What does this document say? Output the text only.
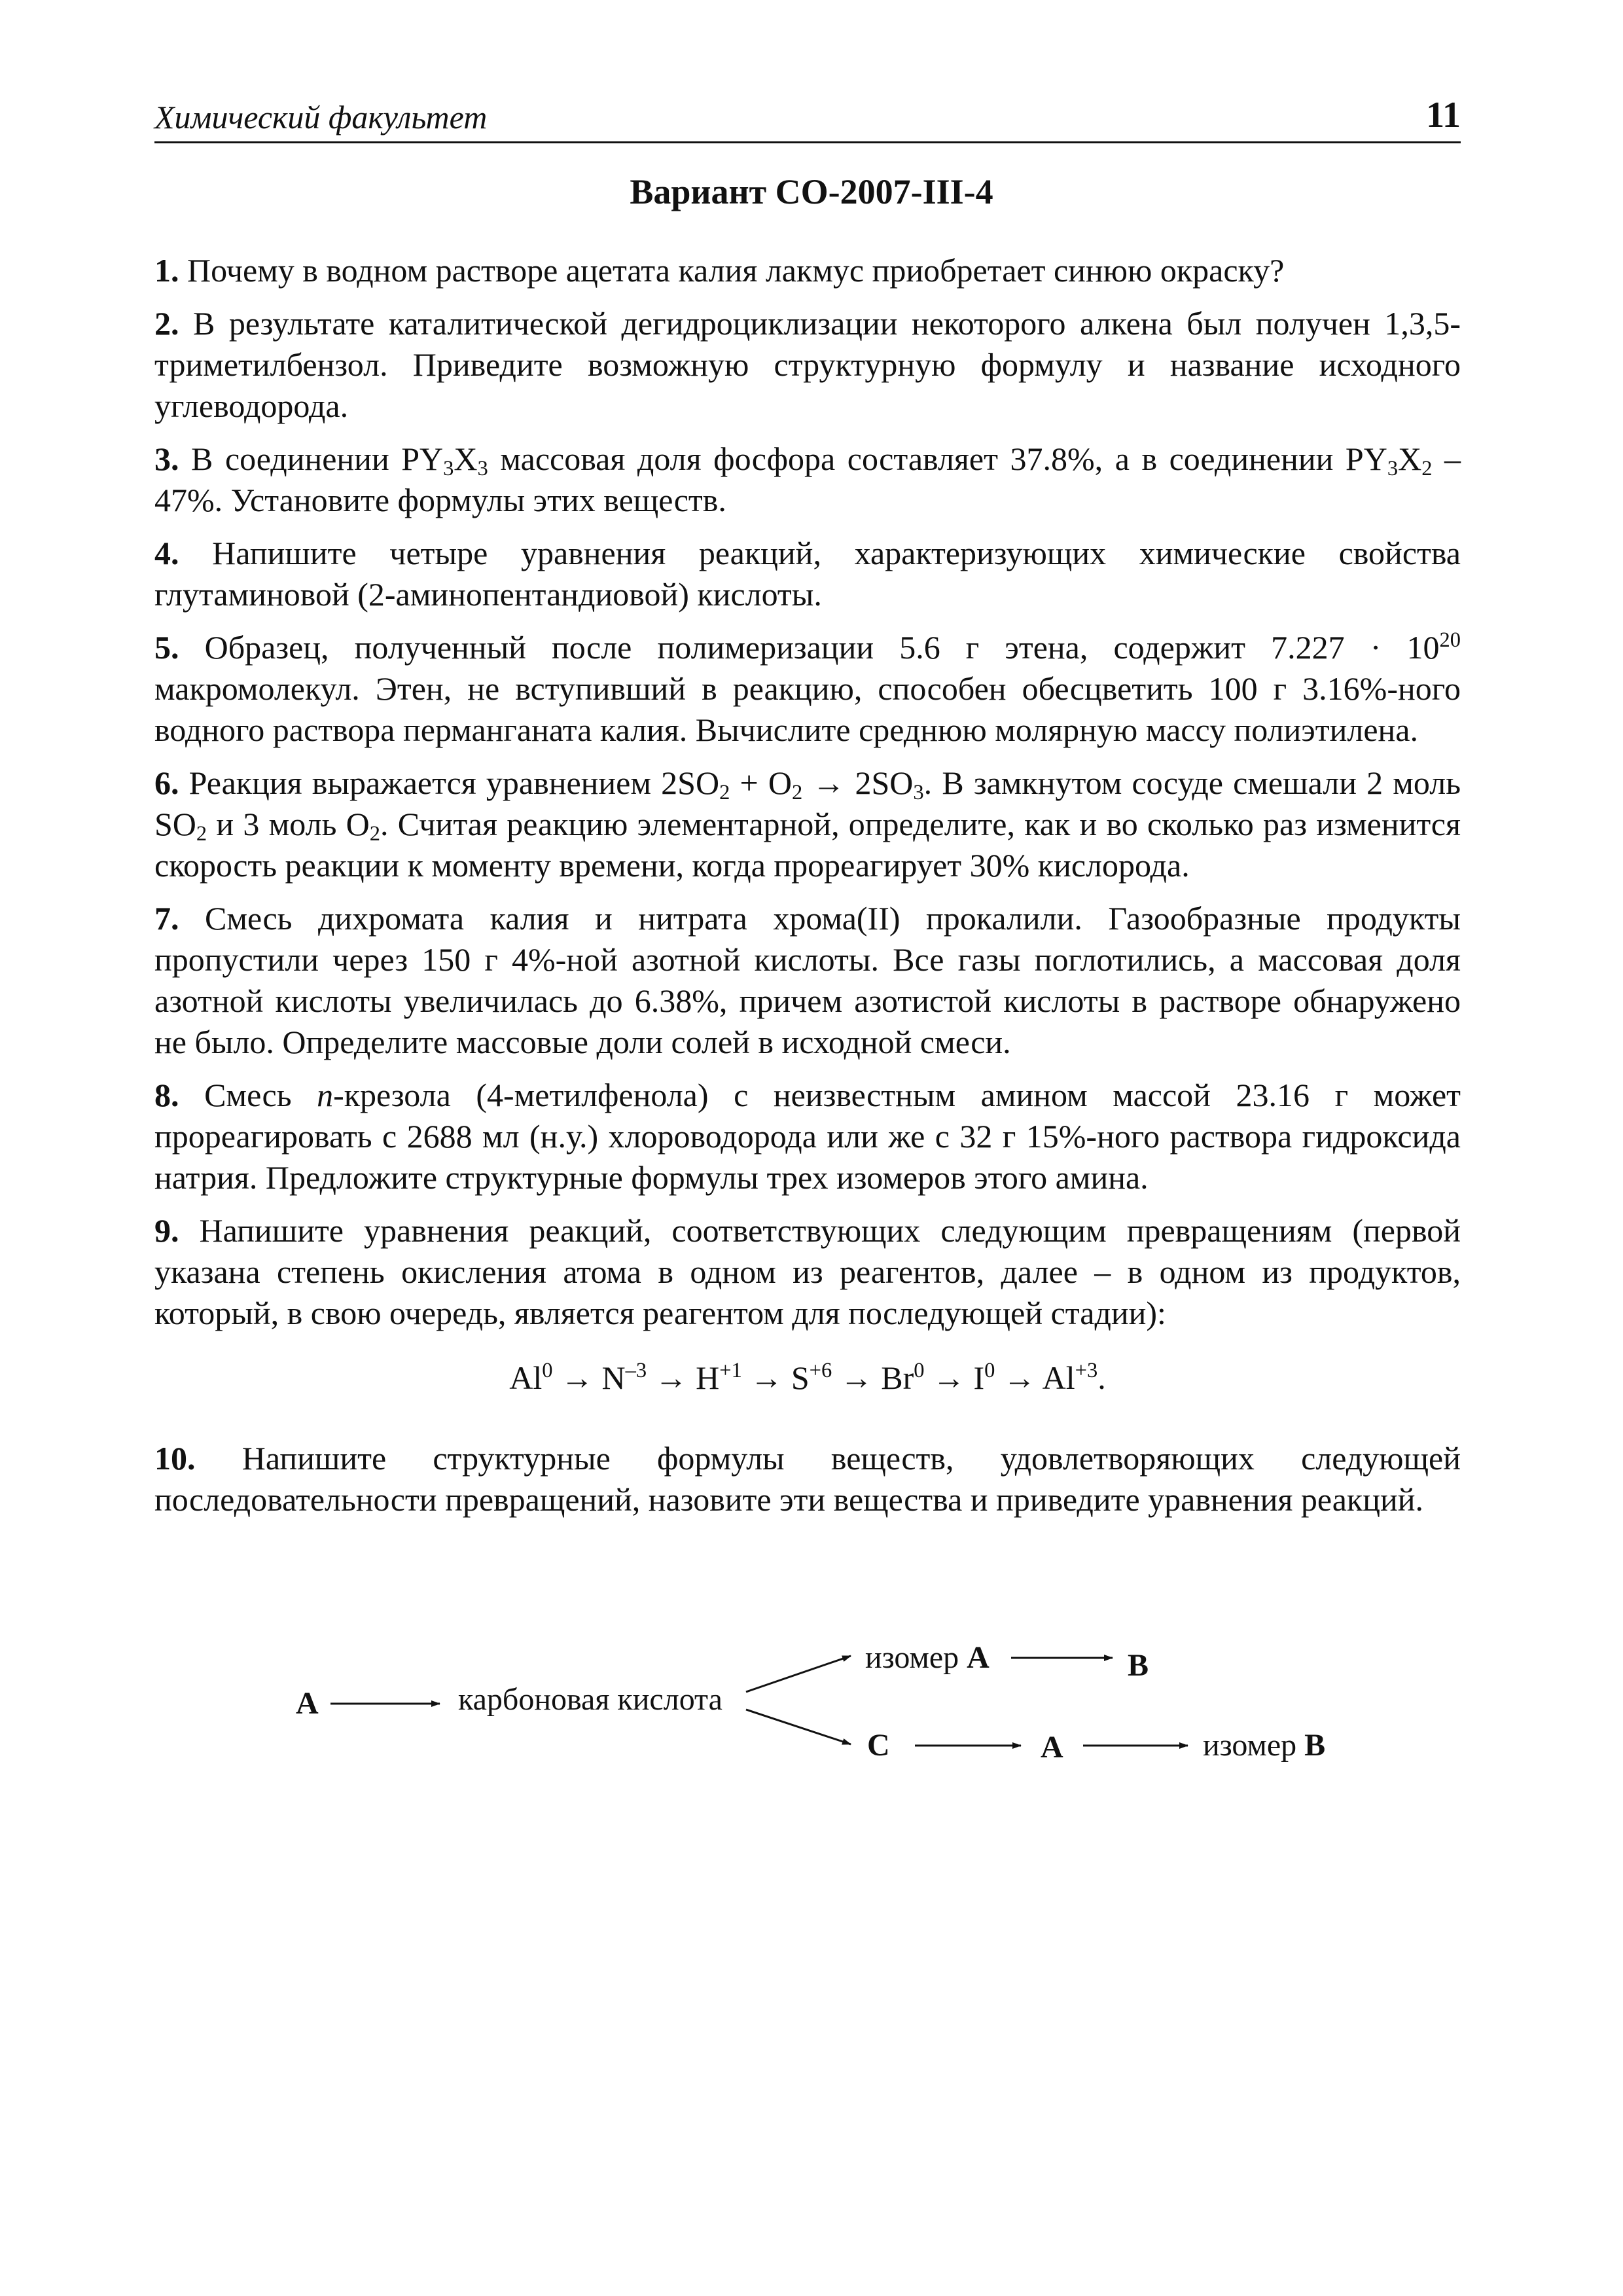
Химический факультет	11
Вариант СО-2007-III-4

1. Почему в водном растворе ацетата калия лакмус приобретает синюю окраску?

2. В результате каталитической дегидроциклизации некоторого алкена был получен 1,3,5-триметилбензол. Приведите возможную структурную формулу и название исходного углеводорода.

3. В соединении $PY_3X_3$ массовая доля фосфора составляет 37.8%, а в соединении $PY_3X_2 - 47\%$. Установите формулы этих веществ.

4. Напишите четыре уравнения реакций, характеризующих химические свойства глутаминовой (2-аминопентандиовой) кислоты.

5. Образец, полученный после полимеризации 5.6 г этена, содержит $7.227 \cdot 10^{20}$ макромолекул. Этен, не вступивший в реакцию, способен обесцветить 100 г 3.16%-ного водного раствора перманганата калия. Вычислите среднюю молярную массу полиэтилена.

6. Реакция выражается уравнением $2SO_2 + O_2 \to 2SO_3$. В замкнутом сосуде смешали 2 моль $SO_2$ и 3 моль $O_2$. Считая реакцию элементарной, определите, как и во сколько раз изменится скорость реакции к моменту времени, когда прореагирует 30% кислорода.

7. Смесь дихромата калия и нитрата хрома(II) прокалили. Газообразные продукты пропустили через 150 г 4%-ной азотной кислоты. Все газы поглотились, а массовая доля азотной кислоты увеличилась до 6.38%, причем азотистой кислоты в растворе обнаружено не было. Определите массовые доли солей в исходной смеси.

8. Смесь п-крезола (4-метилфенола) с неизвестным амином массой 23.16 г может прореагировать с 2688 мл (н.у.) хлороводорода или же с 32 г 15%-ного раствора гидроксида натрия. Предложите структурные формулы трех изомеров этого амина.

9. Напишите уравнения реакций, соответствующих следующим превращениям (первой указана степень окисления атома в одном из реагентов, далее – в одном из продуктов, который, в свою очередь, является реагентом для последующей стадии):

$Al^0 \to N^{-3} \to H^{+1} \to S^{+6} \to Br^0 \to I^0 \to Al^{+3}$.

10. Напишите структурные формулы веществ, удовлетворяющих следующей последовательности превращений, назовите эти вещества и приведите уравнения реакций.

A	карбоновая кислота
изомер A	B
C	A	изомер B
